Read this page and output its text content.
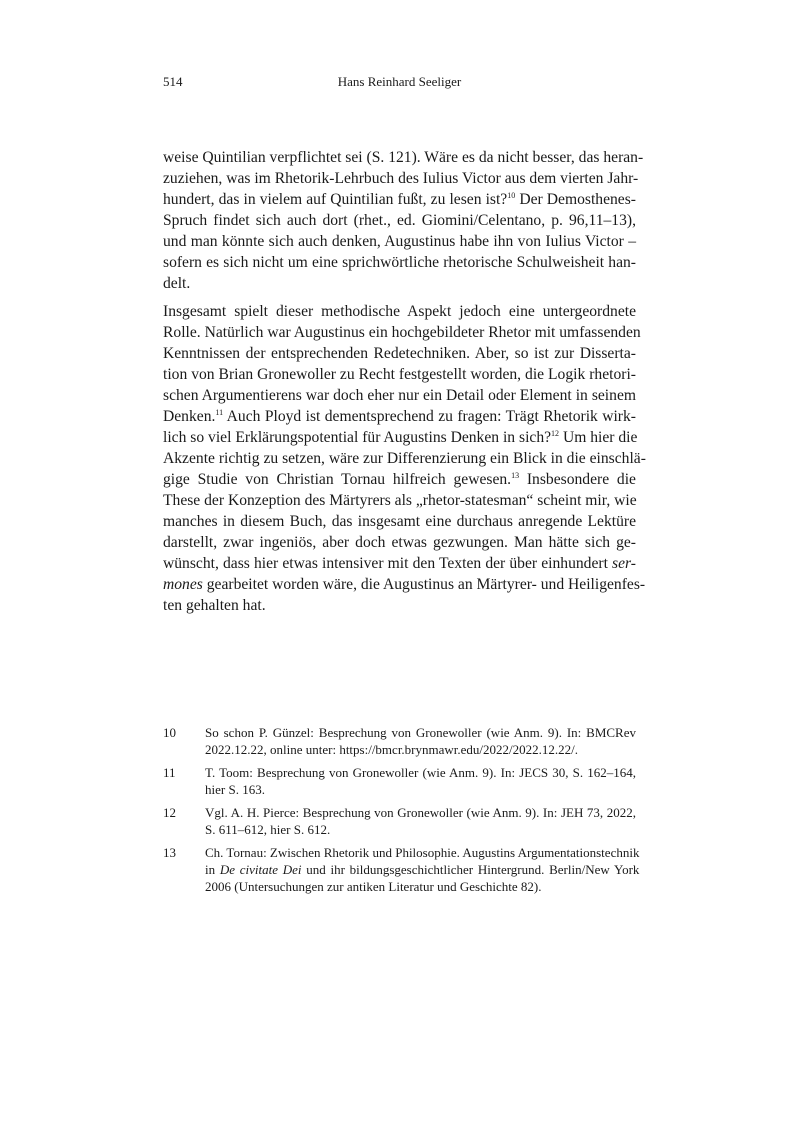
514	Hans Reinhard Seeliger
weise Quintilian verpflichtet sei (S. 121). Wäre es da nicht besser, das heran-
zuziehen, was im Rhetorik-Lehrbuch des Iulius Victor aus dem vierten Jahr-
hundert, das in vielem auf Quintilian fußt, zu lesen ist?$^{10}$ Der Demosthenes-
Spruch findet sich auch dort (rhet., ed. Giomini/Celentano, p. 96,11–13),
und man könnte sich auch denken, Augustinus habe ihn von Iulius Victor –
sofern es sich nicht um eine sprichwörtliche rhetorische Schulweisheit han-
delt.
Insgesamt spielt dieser methodische Aspekt jedoch eine untergeordnete
Rolle. Natürlich war Augustinus ein hochgebildeter Rhetor mit umfassenden
Kenntnissen der entsprechenden Redetechniken. Aber, so ist zur Disserta-
tion von Brian Gronewoller zu Recht festgestellt worden, die Logik rhetori-
schen Argumentierens war doch eher nur ein Detail oder Element in seinem
Denken.$^{11}$ Auch Ployd ist dementsprechend zu fragen: Trägt Rhetorik wirk-
lich so viel Erklärungspotential für Augustins Denken in sich?$^{12}$ Um hier die
Akzente richtig zu setzen, wäre zur Differenzierung ein Blick in die einschlä-
gige Studie von Christian Tornau hilfreich gewesen.$^{13}$ Insbesondere die
These der Konzeption des Märtyrers als „rhetor-statesman“ scheint mir, wie
manches in diesem Buch, das insgesamt eine durchaus anregende Lektüre
darstellt, zwar ingeniös, aber doch etwas gezwungen. Man hätte sich ge-
wünscht, dass hier etwas intensiver mit den Texten der über einhundert ser-
mones gearbeitet worden wäre, die Augustinus an Märtyrer- und Heiligenfes-
ten gehalten hat.
10	So schon P. Günzel: Besprechung von Gronewoller (wie Anm. 9). In: BMCRev
2022.12.22, online unter: https://bmcr.brynmawr.edu/2022/2022.12.22/.
11	T. Toom: Besprechung von Gronewoller (wie Anm. 9). In: JECS 30, S. 162–164,
hier S. 163.
12	Vgl. A. H. Pierce: Besprechung von Gronewoller (wie Anm. 9). In: JEH 73, 2022,
S. 611–612, hier S. 612.
13	Ch. Tornau: Zwischen Rhetorik und Philosophie. Augustins Argumentationstechnik
in De civitate Dei und ihr bildungsgeschichtlicher Hintergrund. Berlin/New York
2006 (Untersuchungen zur antiken Literatur und Geschichte 82).
